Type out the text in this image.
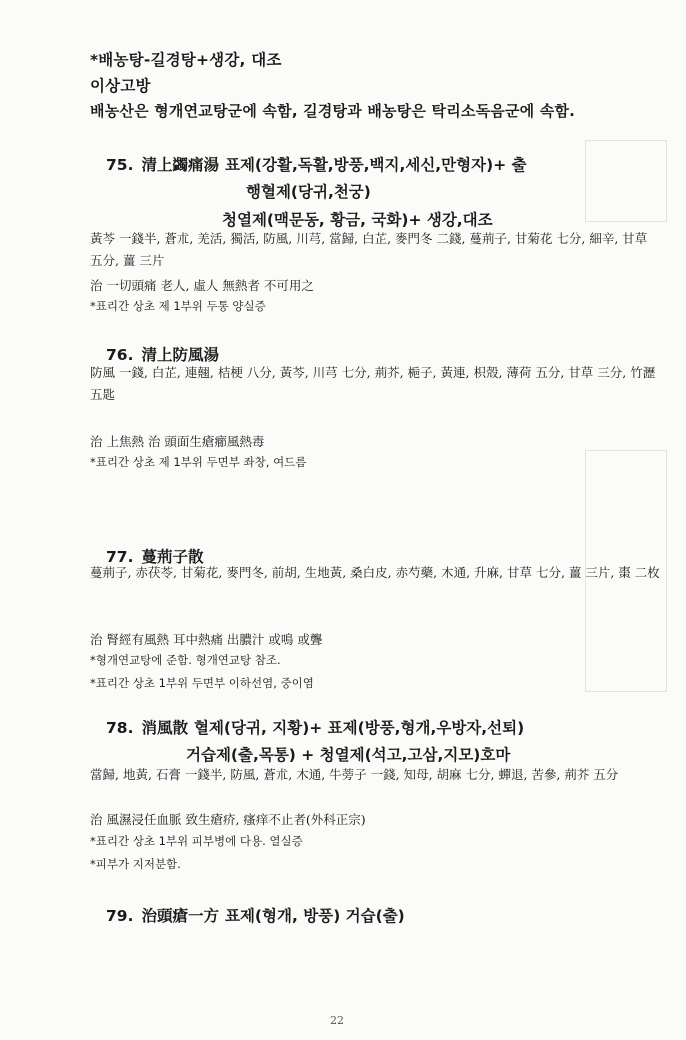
*배농탕-길경탕+생강, 대조
이상고방
배농산은 형개연교탕군에 속함, 길경탕과 배농탕은 탁리소독음군에 속함.
75. 清上蠲痛湯 표제(강활,독활,방풍,백지,세신,만형자)+ 출
행혈제(당귀,천궁)
청열제(맥문동, 황금, 국화)+ 생강,대조
黃芩 一錢半, 蒼朮, 羌活, 獨活, 防風, 川芎, 當歸, 白芷, 麥門冬 二錢, 蔓荊子, 甘菊花 七分, 細辛, 甘草 五分, 薑 三片
治 一切頭痛 老人, 虛人 無熱者 不可用之
*표리간 상초 제 1부위 두통 양실증
76. 清上防風湯
防風 一錢, 白芷, 連翹, 桔梗 八分, 黃芩, 川芎 七分, 荊芥, 梔子, 黃連, 枳殼, 薄荷 五分, 甘草 三分, 竹瀝 五匙
治 上焦熱 治 頭面生瘡癤風熱毒
*표리간 상초 제 1부위 두면부 좌창, 여드름
77. 蔓荊子散
蔓荊子, 赤茯苓, 甘菊花, 麥門冬, 前胡, 生地黃, 桑白皮, 赤芍藥, 木通, 升麻, 甘草 七分, 薑 三片, 棗 二枚
治 腎經有風熱 耳中熱痛 出膿汁 或鳴 或聾
*형개연교탕에 준함. 형개연교탕 참조.
*표리간 상초 1부위 두면부 이하선염, 중이염
78. 消風散 혈제(당귀, 지황)+ 표제(방풍,형개,우방자,선퇴)
거습제(출,목통) + 청열제(석고,고삼,지모)호마
當歸, 地黃, 石膏 一錢半, 防風, 蒼朮, 木通, 牛蒡子 一錢, 知母, 胡麻 七分, 蟬退, 苦參, 荊芥 五分
治 風濕浸任血脈 致生瘡疥, 瘙痒不止者(外科正宗)
*표리간 상초 1부위 피부병에 다용. 열실증
*피부가 지저분함.
79. 治頭瘡一方 표제(형개, 방풍) 거습(출)
22
